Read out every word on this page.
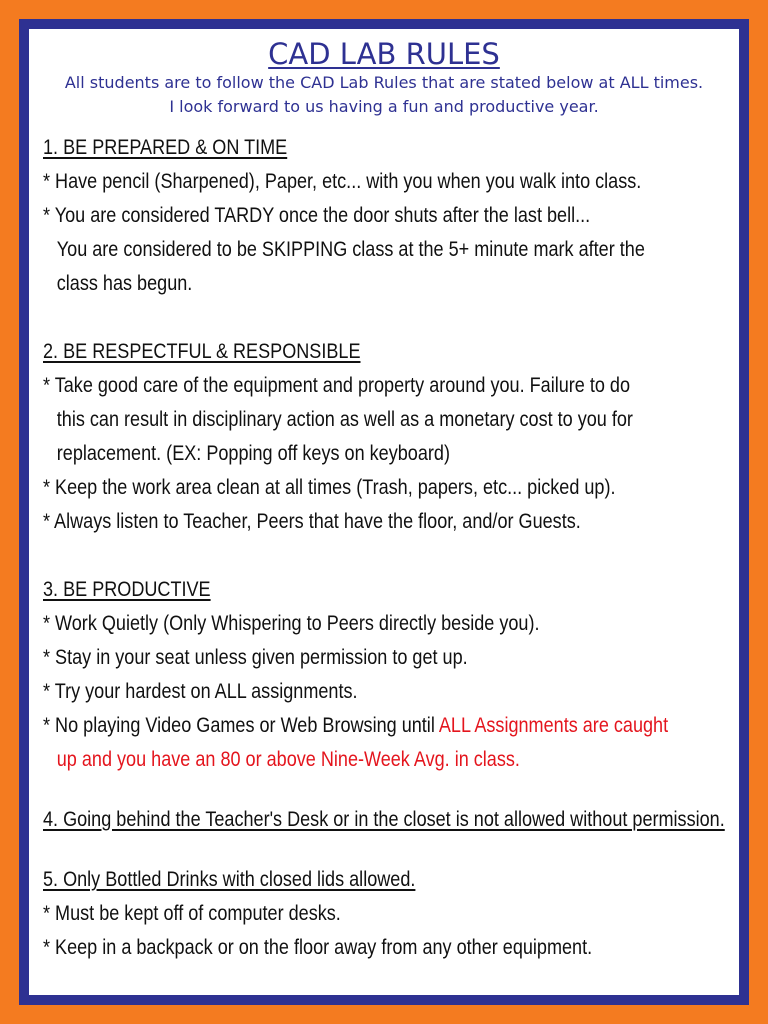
CAD LAB RULES

All students are to follow the CAD Lab Rules that are stated below at ALL times.

I look forward to us having a fun and productive year.

1. BE PREPARED & ON TIME
* Have pencil (Sharpened), Paper, etc... with you when you walk into class.
* You are considered TARDY once the door shuts after the last bell...
You are considered to be SKIPPING class at the 5+ minute mark after the
class has begun.
2. BE RESPECTFUL & RESPONSIBLE
* Take good care of the equipment and property around you. Failure to do
this can result in disciplinary action as well as a monetary cost to you for
replacement. (EX: Popping off keys on keyboard)
* Keep the work area clean at all times (Trash, papers, etc... picked up).
* Always listen to Teacher, Peers that have the floor, and/or Guests.
3. BE PRODUCTIVE
* Work Quietly (Only Whispering to Peers directly beside you).
* Stay in your seat unless given permission to get up.
* Try your hardest on ALL assignments.
* No playing Video Games or Web Browsing until ALL Assignments are caught
up and you have an 80 or above Nine-Week Avg. in class.
4. Going behind the Teacher's Desk or in the closet is not allowed without permission.
5. Only Bottled Drinks with closed lids allowed.
* Must be kept off of computer desks.
* Keep in a backpack or on the floor away from any other equipment.
